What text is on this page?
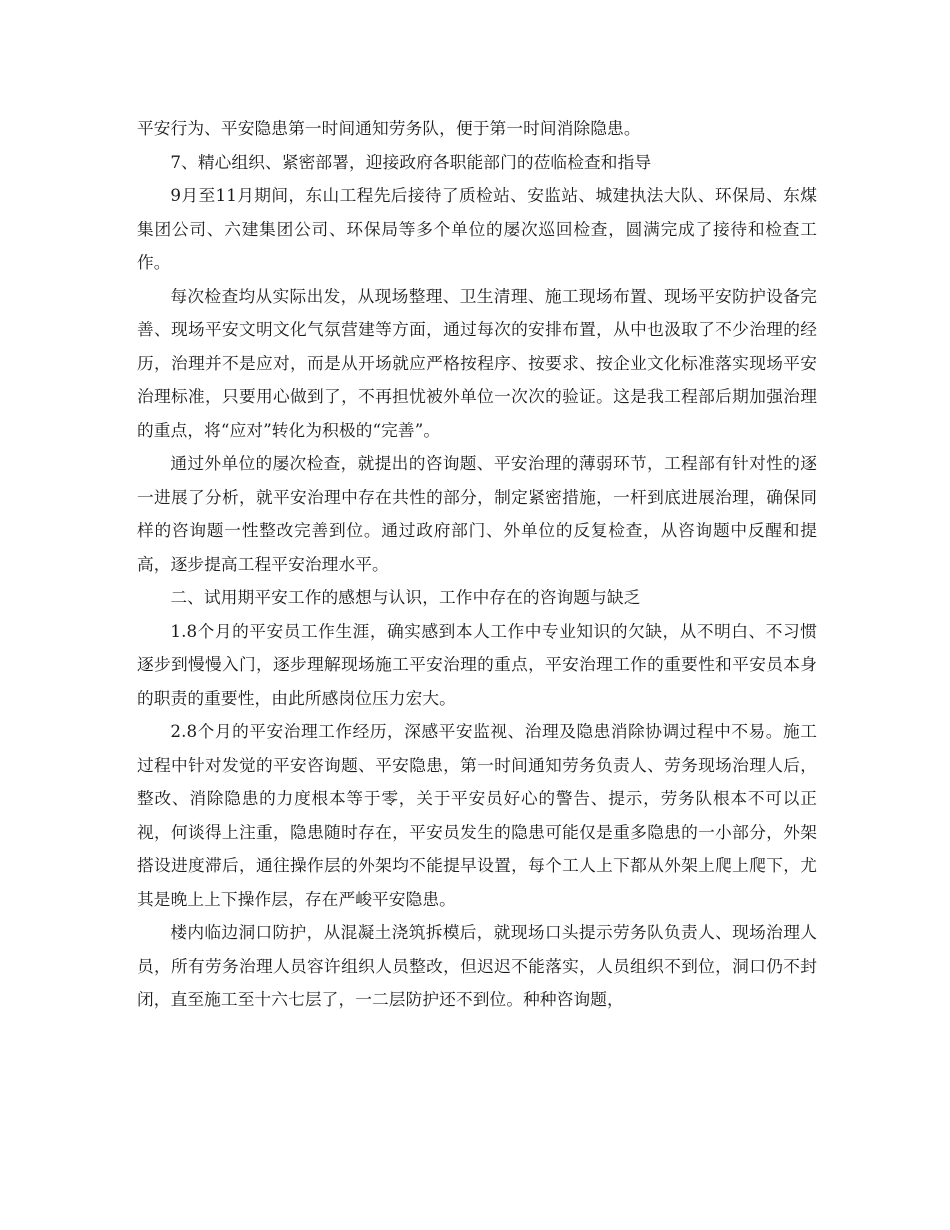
平安行为、平安隐患第一时间通知劳务队，便于第一时间消除隐患。

7、精心组织、紧密部署，迎接政府各职能部门的莅临检查和指导

9月至11月期间，东山工程先后接待了质检站、安监站、城建执法大队、环保局、东煤集团公司、六建集团公司、环保局等多个单位的屡次巡回检查，圆满完成了接待和检查工作。

每次检查均从实际出发，从现场整理、卫生清理、施工现场布置、现场平安防护设备完善、现场平安文明文化气氛营建等方面，通过每次的安排布置，从中也汲取了不少治理的经历，治理并不是应对，而是从开场就应严格按程序、按要求、按企业文化标准落实现场平安治理标准，只要用心做到了，不再担忧被外单位一次次的验证。这是我工程部后期加强治理的重点，将“应对”转化为积极的“完善”。

通过外单位的屡次检查，就提出的咨询题、平安治理的薄弱环节，工程部有针对性的逐一进展了分析，就平安治理中存在共性的部分，制定紧密措施，一杆到底进展治理，确保同样的咨询题一性整改完善到位。通过政府部门、外单位的反复检查，从咨询题中反醒和提高，逐步提高工程平安治理水平。

二、试用期平安工作的感想与认识，工作中存在的咨询题与缺乏

1.8个月的平安员工作生涯，确实感到本人工作中专业知识的欠缺，从不明白、不习惯逐步到慢慢入门，逐步理解现场施工平安治理的重点，平安治理工作的重要性和平安员本身的职责的重要性，由此所感岗位压力宏大。

2.8个月的平安治理工作经历，深感平安监视、治理及隐患消除协调过程中不易。施工过程中针对发觉的平安咨询题、平安隐患，第一时间通知劳务负责人、劳务现场治理人后，整改、消除隐患的力度根本等于零，关于平安员好心的警告、提示，劳务队根本不可以正视，何谈得上注重，隐患随时存在，平安员发生的隐患可能仅是重多隐患的一小部分，外架搭设进度滞后，通往操作层的外架均不能提早设置，每个工人上下都从外架上爬上爬下，尤其是晚上上下操作层，存在严峻平安隐患。

楼内临边洞口防护，从混凝土浇筑拆模后，就现场口头提示劳务队负责人、现场治理人员，所有劳务治理人员容许组织人员整改，但迟迟不能落实，人员组织不到位，洞口仍不封闭，直至施工至十六七层了，一二层防护还不到位。种种咨询题，
